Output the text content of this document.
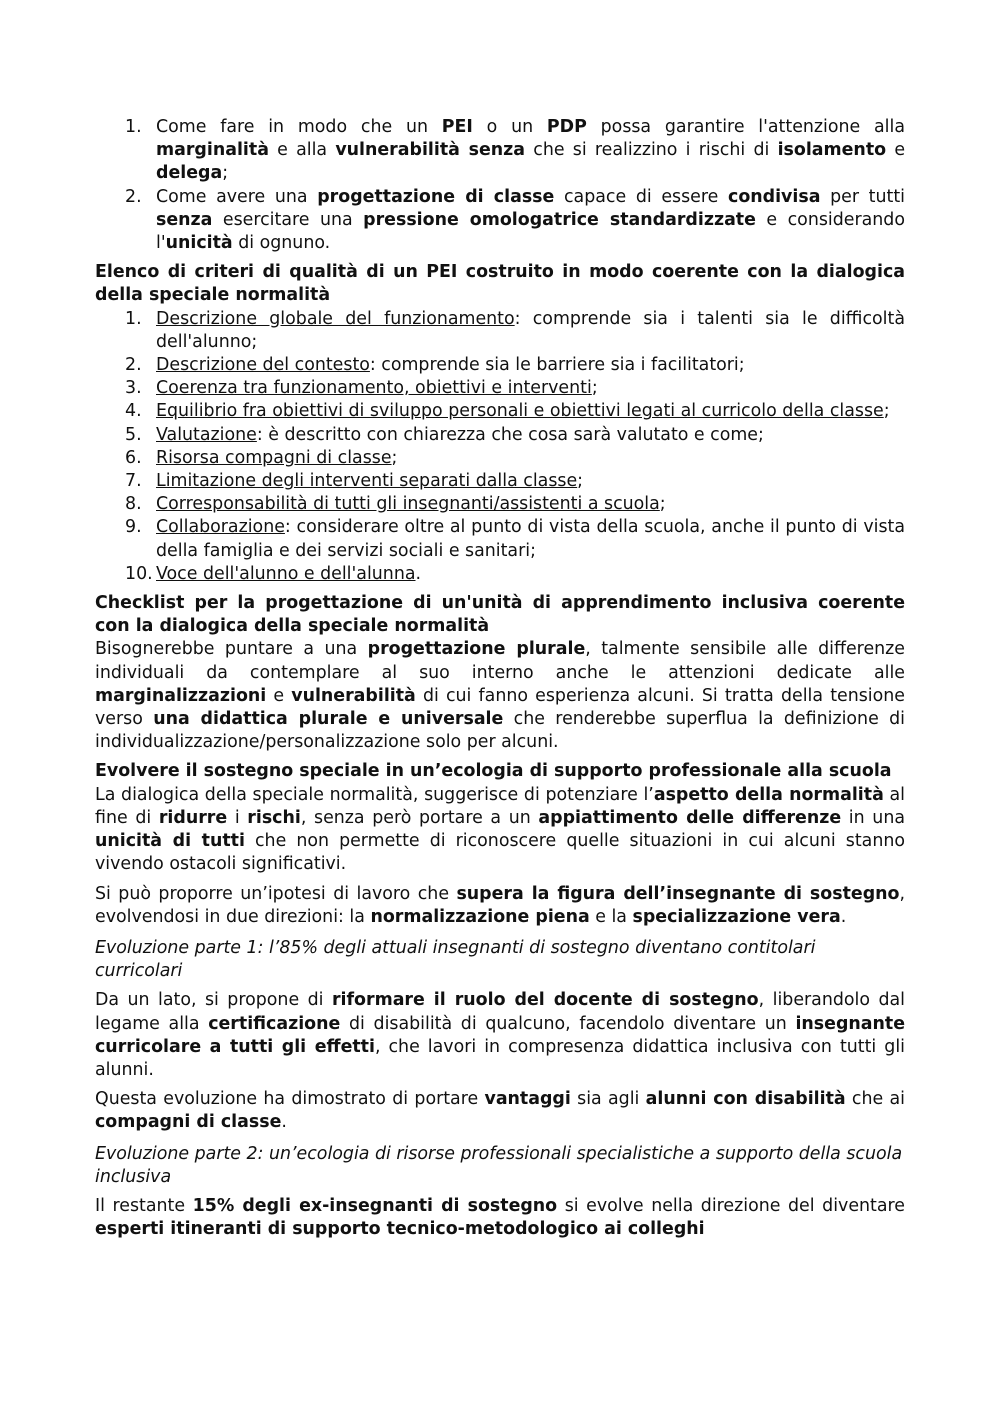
1. Come fare in modo che un PEI o un PDP possa garantire l'attenzione alla marginalità e alla vulnerabilità senza che si realizzino i rischi di isolamento e delega;
2. Come avere una progettazione di classe capace di essere condivisa per tutti senza esercitare una pressione omologatrice standardizzate e considerando l'unicità di ognuno.

Elenco di criteri di qualità di un PEI costruito in modo coerente con la dialogica della speciale normalità

1. Descrizione globale del funzionamento: comprende sia i talenti sia le difficoltà dell'alunno;
2. Descrizione del contesto: comprende sia le barriere sia i facilitatori;
3. Coerenza tra funzionamento, obiettivi e interventi;
4. Equilibrio fra obiettivi di sviluppo personali e obiettivi legati al curricolo della classe;
5. Valutazione: è descritto con chiarezza che cosa sarà valutato e come;
6. Risorsa compagni di classe;
7. Limitazione degli interventi separati dalla classe;
8. Corresponsabilità di tutti gli insegnanti/assistenti a scuola;
9. Collaborazione: considerare oltre al punto di vista della scuola, anche il punto di vista della famiglia e dei servizi sociali e sanitari;
10. Voce dell'alunno e dell'alunna.

Checklist per la progettazione di un'unità di apprendimento inclusiva coerente con la dialogica della speciale normalità

Bisognerebbe puntare a una progettazione plurale, talmente sensibile alle differenze individuali da contemplare al suo interno anche le attenzioni dedicate alle marginalizzazioni e vulnerabilità di cui fanno esperienza alcuni. Si tratta della tensione verso una didattica plurale e universale che renderebbe superflua la definizione di individualizzazione/personalizzazione solo per alcuni.

Evolvere il sostegno speciale in un’ecologia di supporto professionale alla scuola

La dialogica della speciale normalità, suggerisce di potenziare l’aspetto della normalità al fine di ridurre i rischi, senza però portare a un appiattimento delle differenze in una unicità di tutti che non permette di riconoscere quelle situazioni in cui alcuni stanno vivendo ostacoli significativi.

Si può proporre un’ipotesi di lavoro che supera la figura dell’insegnante di sostegno, evolvendosi in due direzioni: la normalizzazione piena e la specializzazione vera.

Evoluzione parte 1: l’85% degli attuali insegnanti di sostegno diventano contitolari curricolari

Da un lato, si propone di riformare il ruolo del docente di sostegno, liberandolo dal legame alla certificazione di disabilità di qualcuno, facendolo diventare un insegnante curricolare a tutti gli effetti, che lavori in compresenza didattica inclusiva con tutti gli alunni.

Questa evoluzione ha dimostrato di portare vantaggi sia agli alunni con disabilità che ai compagni di classe.

Evoluzione parte 2: un’ecologia di risorse professionali specialistiche a supporto della scuola inclusiva

Il restante 15% degli ex-insegnanti di sostegno si evolve nella direzione del diventare esperti itineranti di supporto tecnico-metodologico ai colleghi
